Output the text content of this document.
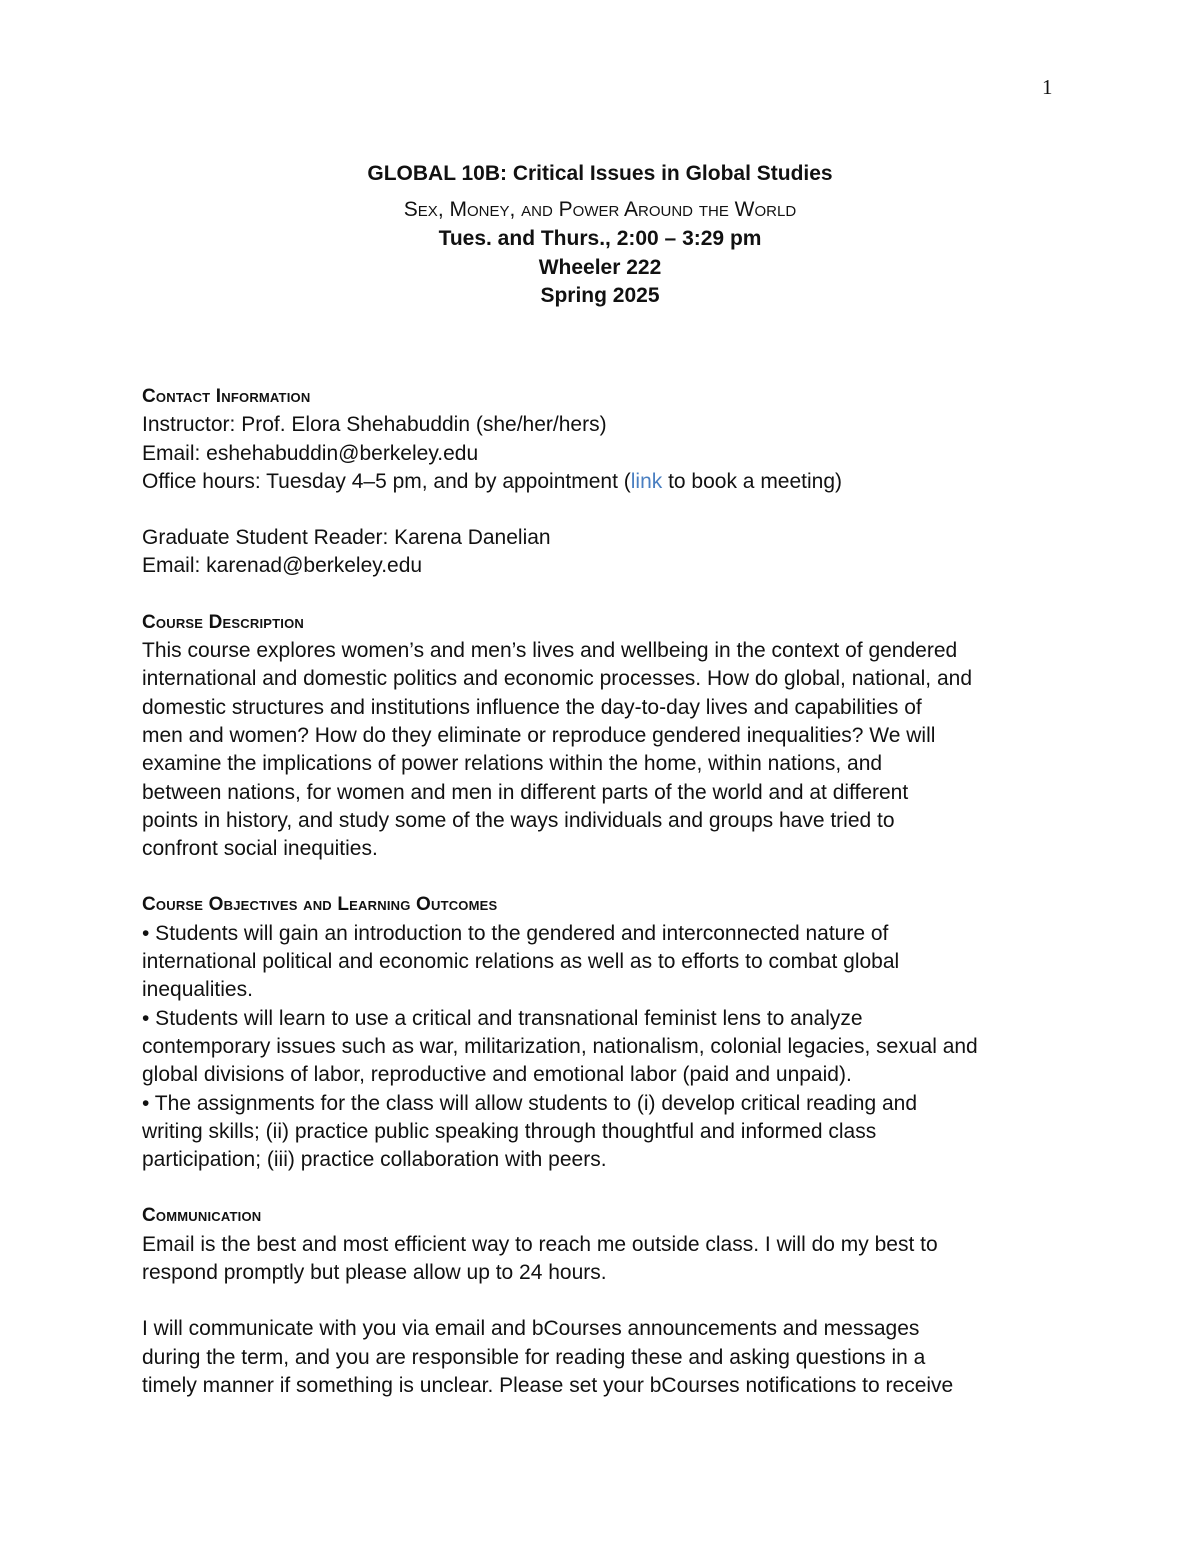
1
GLOBAL 10B: Critical Issues in Global Studies
Sex, Money, and Power Around the World
Tues. and Thurs., 2:00 – 3:29 pm
Wheeler 222
Spring 2025
Contact Information
Instructor: Prof. Elora Shehabuddin (she/her/hers)
Email: eshehabuddin@berkeley.edu
Office hours: Tuesday 4–5 pm, and by appointment (link to book a meeting)
Graduate Student Reader: Karena Danelian
Email: karenad@berkeley.edu
Course Description
This course explores women’s and men’s lives and wellbeing in the context of gendered
international and domestic politics and economic processes. How do global, national, and
domestic structures and institutions influence the day-to-day lives and capabilities of
men and women? How do they eliminate or reproduce gendered inequalities? We will
examine the implications of power relations within the home, within nations, and
between nations, for women and men in different parts of the world and at different
points in history, and study some of the ways individuals and groups have tried to
confront social inequities.
Course Objectives and Learning Outcomes
• Students will gain an introduction to the gendered and interconnected nature of
international political and economic relations as well as to efforts to combat global
inequalities.
• Students will learn to use a critical and transnational feminist lens to analyze
contemporary issues such as war, militarization, nationalism, colonial legacies, sexual and
global divisions of labor, reproductive and emotional labor (paid and unpaid).
• The assignments for the class will allow students to (i) develop critical reading and
writing skills; (ii) practice public speaking through thoughtful and informed class
participation; (iii) practice collaboration with peers.
Communication
Email is the best and most efficient way to reach me outside class. I will do my best to
respond promptly but please allow up to 24 hours.
I will communicate with you via email and bCourses announcements and messages
during the term, and you are responsible for reading these and asking questions in a
timely manner if something is unclear. Please set your bCourses notifications to receive
